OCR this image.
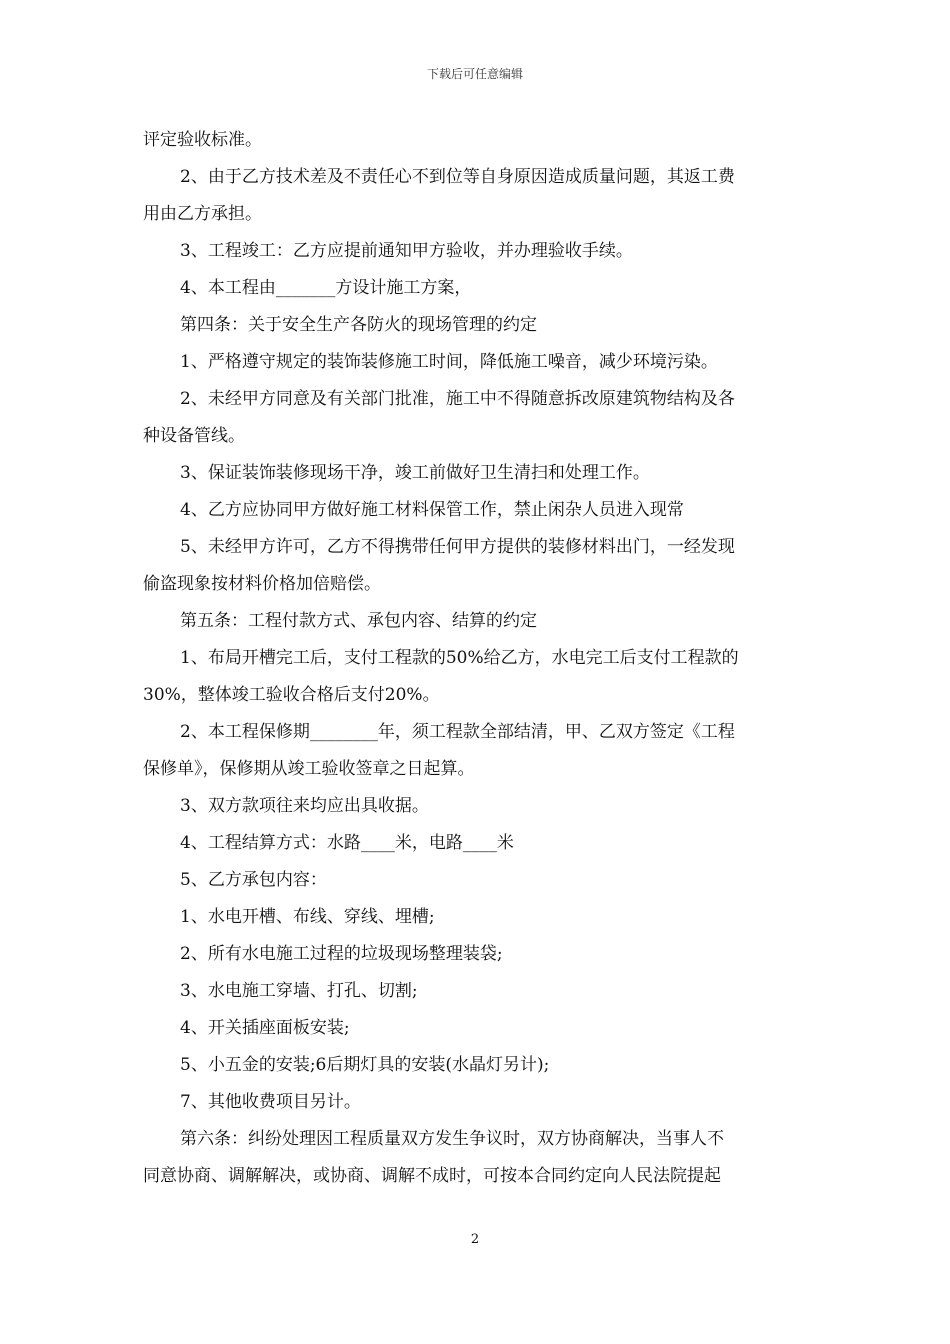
下载后可任意编辑
评定验收标准。
2、由于乙方技术差及不责任心不到位等自身原因造成质量问题，其返工费
用由乙方承担。
3、工程竣工：乙方应提前通知甲方验收，并办理验收手续。
4、本工程由_______方设计施工方案，
第四条：关于安全生产各防火的现场管理的约定
1、严格遵守规定的装饰装修施工时间，降低施工噪音，减少环境污染。
2、未经甲方同意及有关部门批准，施工中不得随意拆改原建筑物结构及各
种设备管线。
3、保证装饰装修现场干净，竣工前做好卫生清扫和处理工作。
4、乙方应协同甲方做好施工材料保管工作，禁止闲杂人员进入现常
5、未经甲方许可，乙方不得携带任何甲方提供的装修材料出门，一经发现
偷盗现象按材料价格加倍赔偿。
第五条：工程付款方式、承包内容、结算的约定
1、布局开槽完工后，支付工程款的50%给乙方，水电完工后支付工程款的
30%，整体竣工验收合格后支付20%。
2、本工程保修期________年，须工程款全部结清，甲、乙双方签定《工程
保修单》，保修期从竣工验收签章之日起算。
3、双方款项往来均应出具收据。
4、工程结算方式：水路____米，电路____米
5、乙方承包内容：
1、水电开槽、布线、穿线、埋槽;
2、所有水电施工过程的垃圾现场整理装袋;
3、水电施工穿墙、打孔、切割;
4、开关插座面板安装;
5、小五金的安装;6后期灯具的安装(水晶灯另计);
7、其他收费项目另计。
第六条：纠纷处理因工程质量双方发生争议时，双方协商解决，当事人不
同意协商、调解解决，或协商、调解不成时，可按本合同约定向人民法院提起
2
